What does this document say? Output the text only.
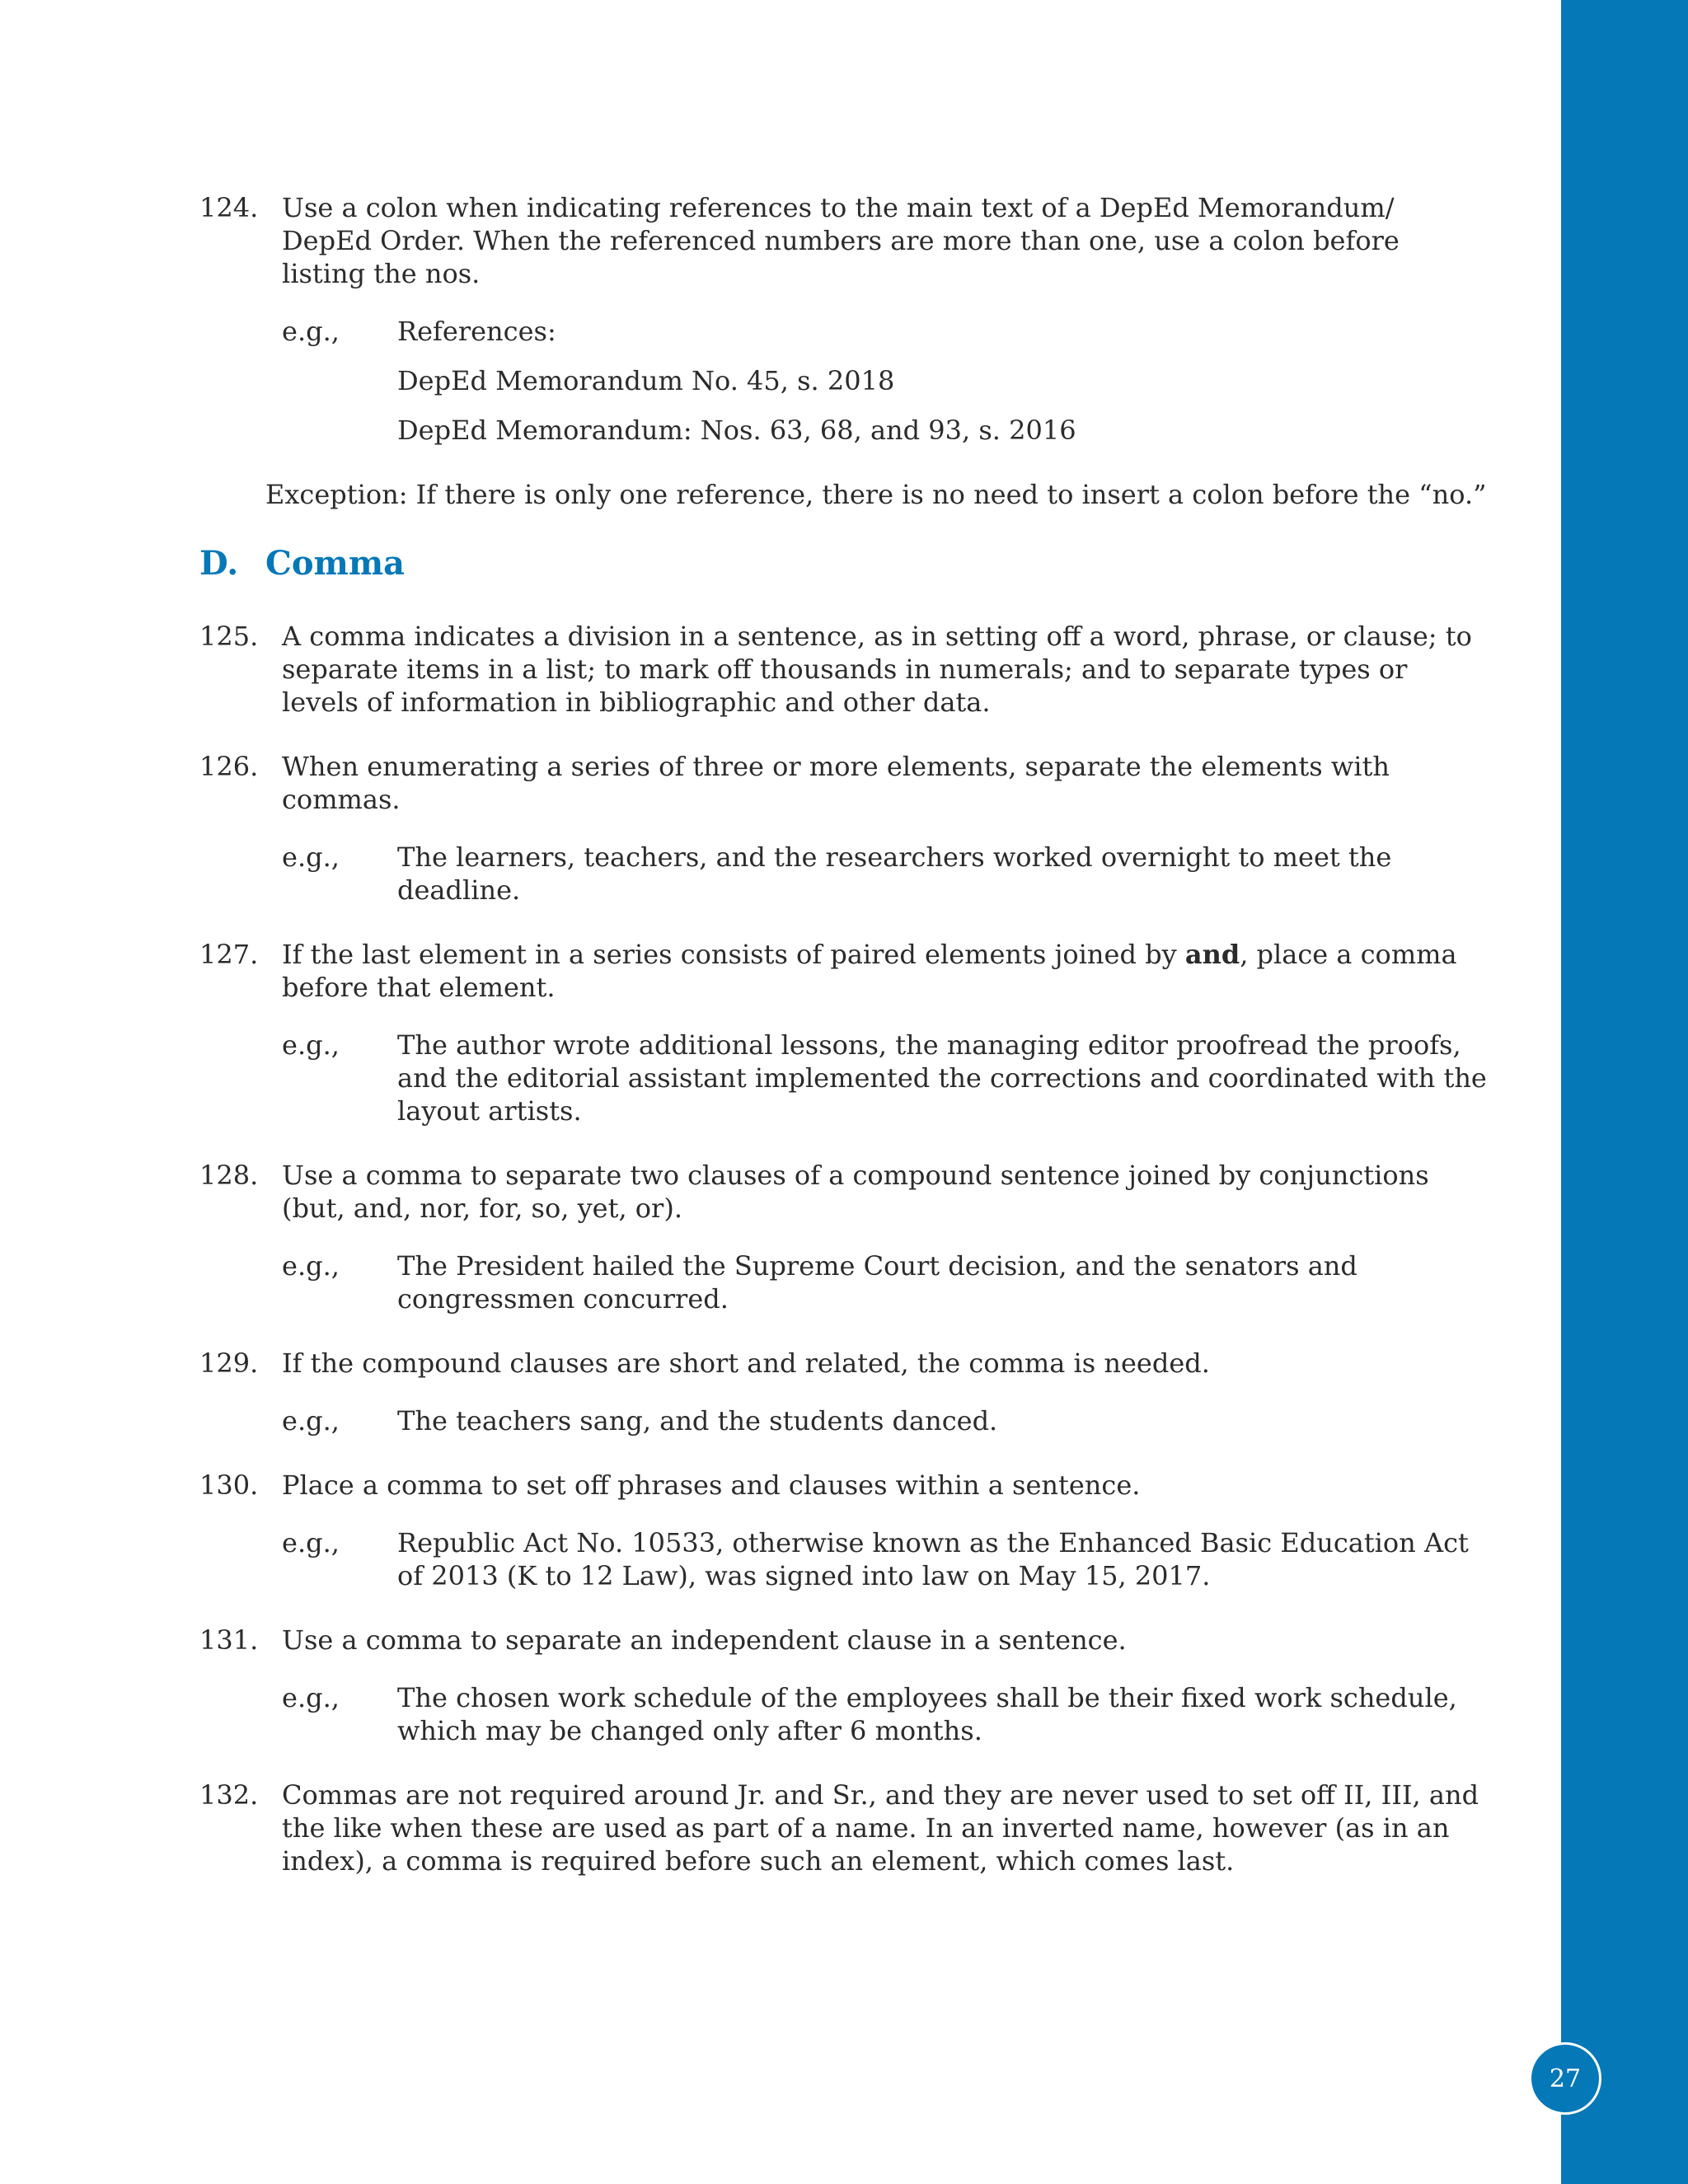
27
124. Use a colon when indicating references to the main text of a DepEd Memorandum/ DepEd Order. When the referenced numbers are more than one, use a colon before listing the nos.
e.g.,	References:
DepEd Memorandum No. 45, s. 2018
DepEd Memorandum: Nos. 63, 68, and 93, s. 2016
Exception: If there is only one reference, there is no need to insert a colon before the “no.”
D. Comma
125. A comma indicates a division in a sentence, as in setting off a word, phrase, or clause; to separate items in a list; to mark off thousands in numerals; and to separate types or levels of information in bibliographic and other data.
126. When enumerating a series of three or more elements, separate the elements with commas.
e.g.,	The learners, teachers, and the researchers worked overnight to meet the deadline.
127. If the last element in a series consists of paired elements joined by and, place a comma before that element.
e.g.,	The author wrote additional lessons, the managing editor proofread the proofs, and the editorial assistant implemented the corrections and coordinated with the layout artists.
128. Use a comma to separate two clauses of a compound sentence joined by conjunctions (but, and, nor, for, so, yet, or).
e.g.,	The President hailed the Supreme Court decision, and the senators and congressmen concurred.
129. If the compound clauses are short and related, the comma is needed.
e.g.,	The teachers sang, and the students danced.
130. Place a comma to set off phrases and clauses within a sentence.
e.g.,	Republic Act No. 10533, otherwise known as the Enhanced Basic Education Act of 2013 (K to 12 Law), was signed into law on May 15, 2017.
131. Use a comma to separate an independent clause in a sentence.
e.g.,	The chosen work schedule of the employees shall be their fixed work schedule, which may be changed only after 6 months.
132. Commas are not required around Jr. and Sr., and they are never used to set off II, III, and the like when these are used as part of a name. In an inverted name, however (as in an index), a comma is required before such an element, which comes last.
